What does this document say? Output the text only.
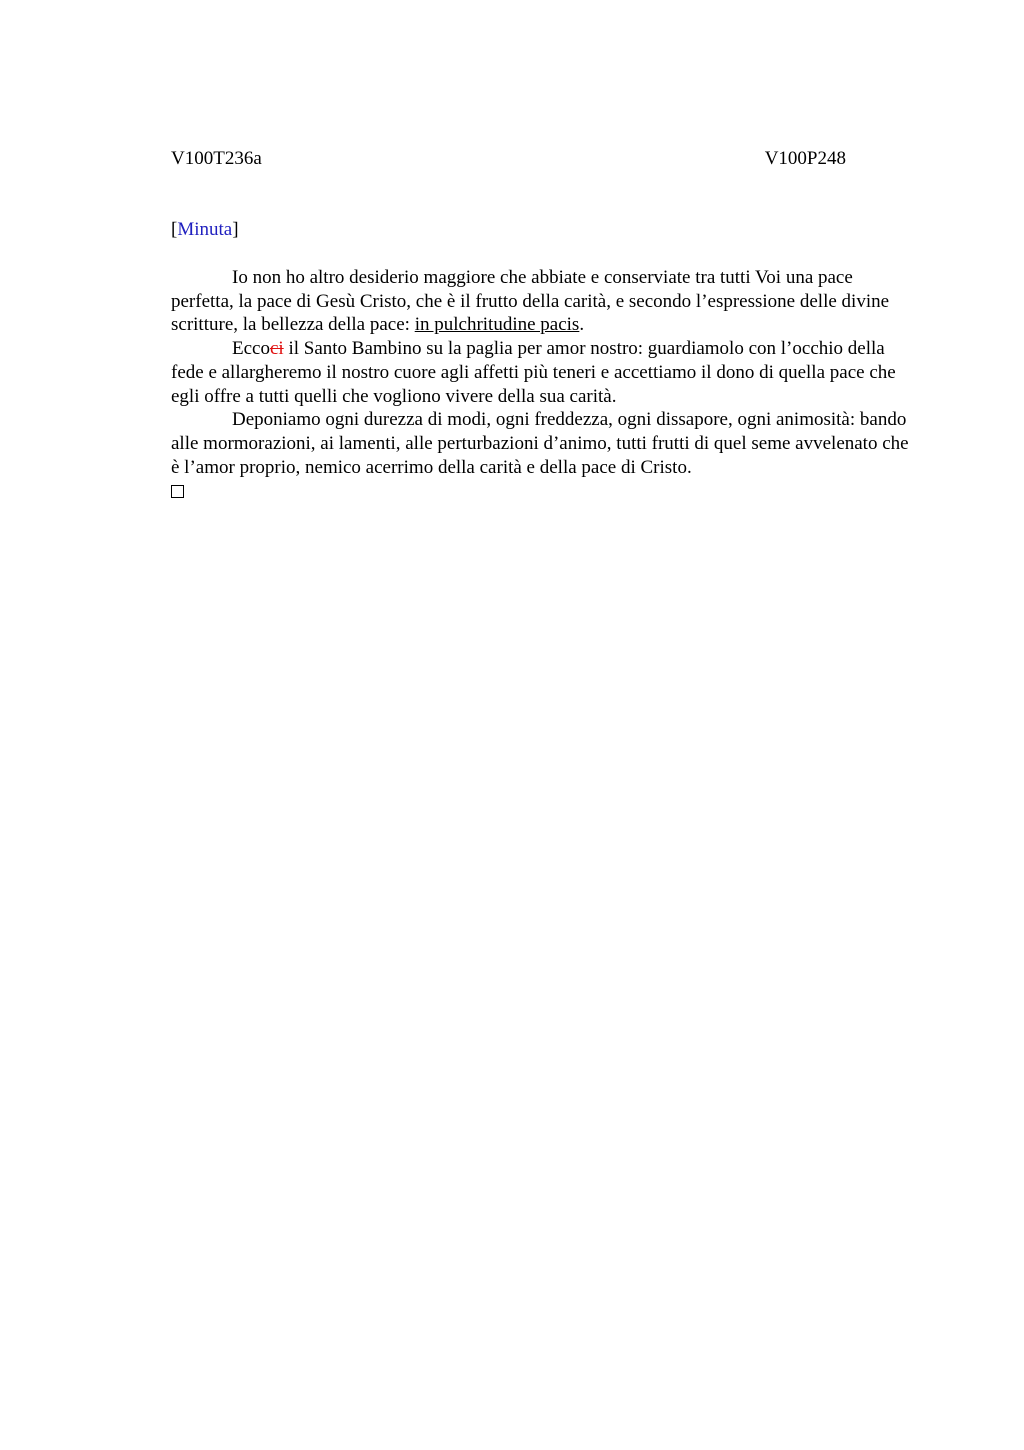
V100T236a	V100P248
[Minuta]

Io non ho altro desiderio maggiore che abbiate e conserviate tra tutti Voi una pace perfetta, la pace di Gesù Cristo, che è il frutto della carità, e secondo l’espressione delle divine scritture, la bellezza della pace: in pulchritudine pacis.

Eccoci il Santo Bambino su la paglia per amor nostro: guardiamolo con l’occhio della fede e allargheremo il nostro cuore agli affetti più teneri e accettiamo il dono di quella pace che egli offre a tutti quelli che vogliono vivere della sua carità.

Deponiamo ogni durezza di modi, ogni freddezza, ogni dissapore, ogni animosità: bando alle mormorazioni, ai lamenti, alle perturbazioni d’animo, tutti frutti di quel seme avvelenato che è l’amor proprio, nemico acerrimo della carità e della pace di Cristo.
